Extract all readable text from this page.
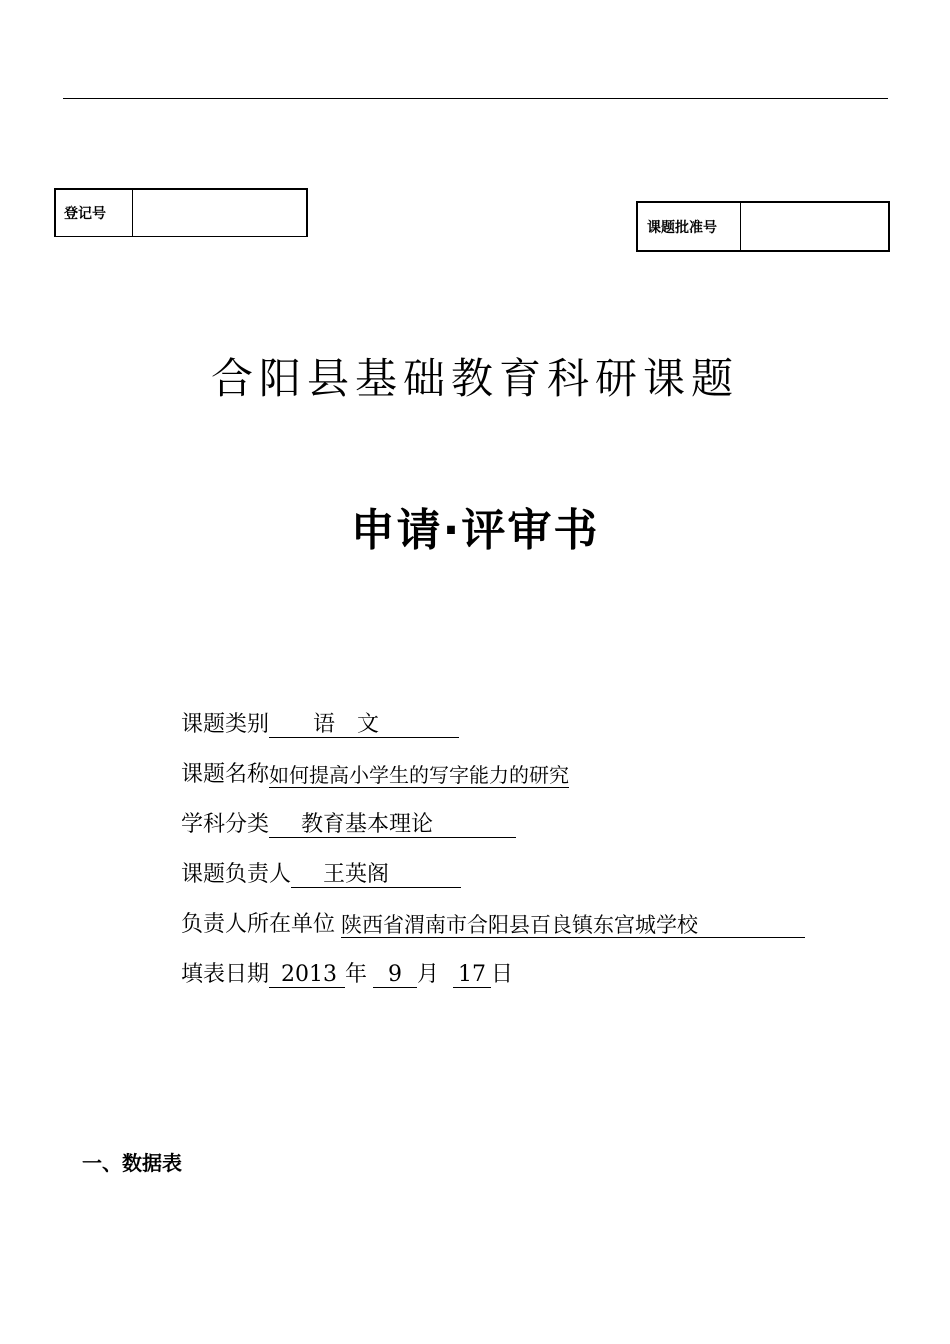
登记号
课题批准号
合阳县基础教育科研课题
申请·评审书
课题类别	语　文
课题名称 如何提高小学生的写字能力的研究
学科分类	教育基本理论
课题负责人	王英阁
负责人所在单位 陕西省渭南市合阳县百良镇东宫城学校
填表日期 2013 年 9 月 17 日
一、数据表
